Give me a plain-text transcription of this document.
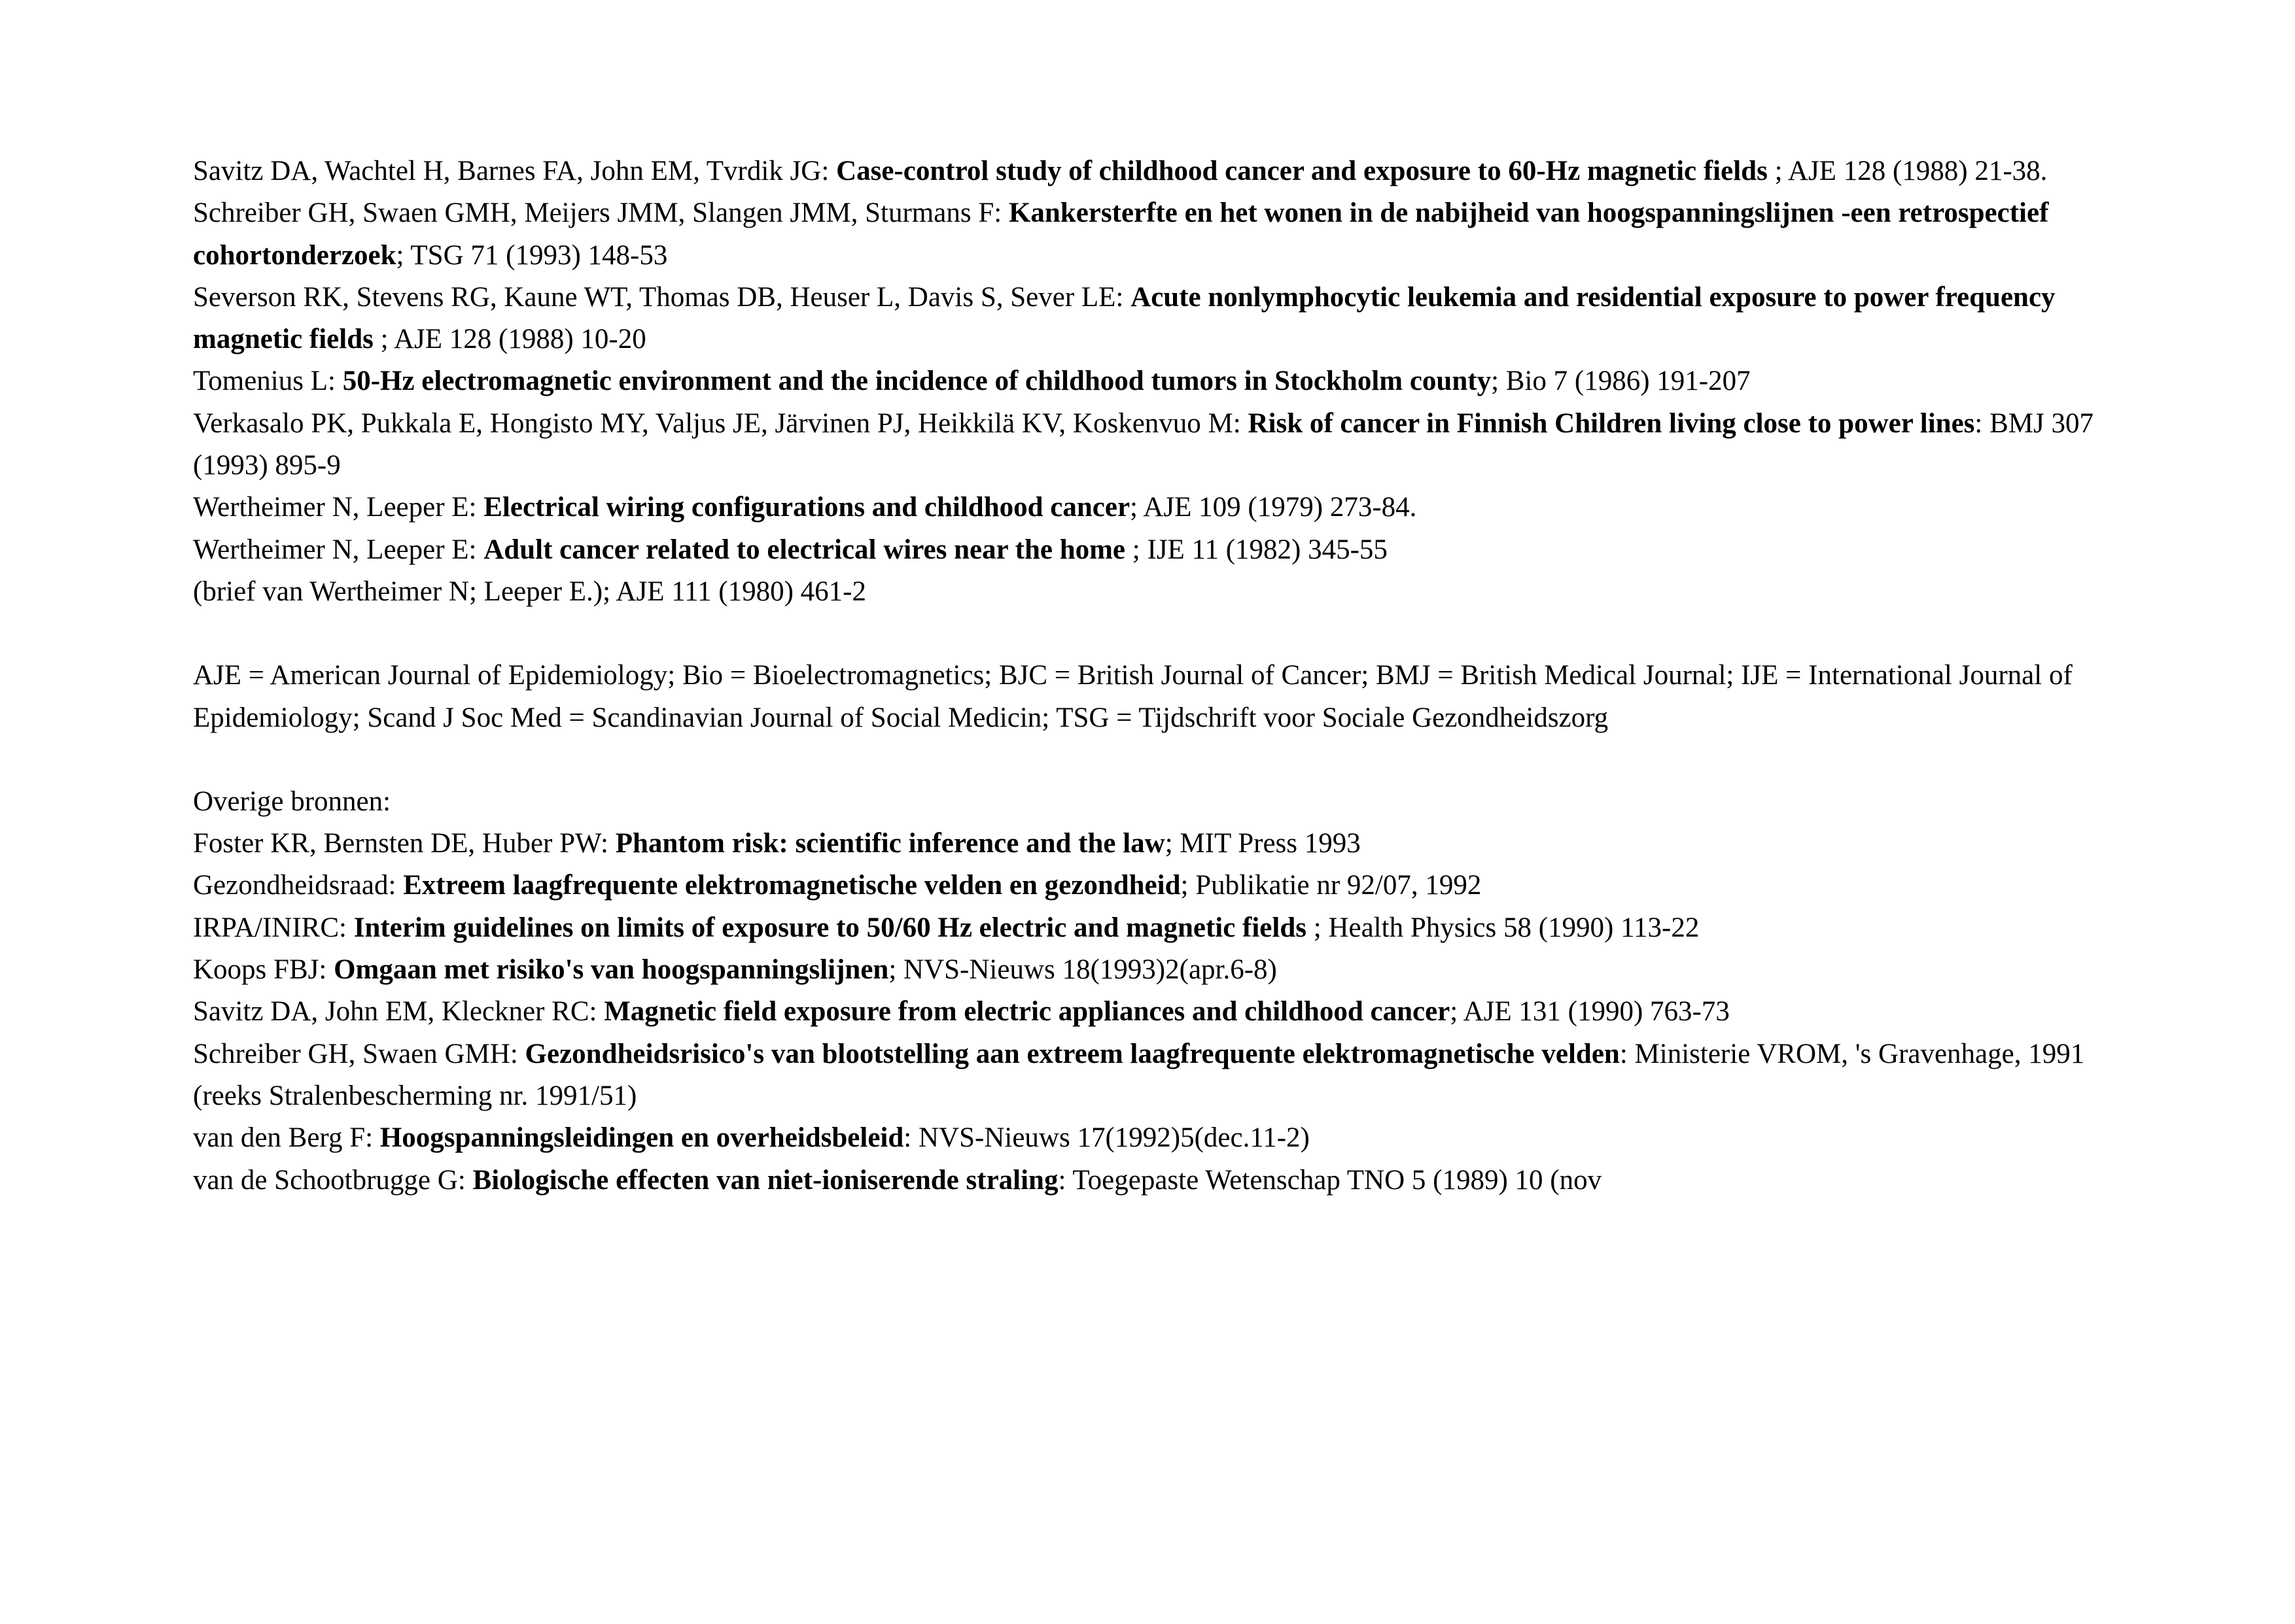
Savitz DA, Wachtel H, Barnes FA, John EM, Tvrdik JG: Case-control study of childhood cancer and exposure to 60-Hz magnetic fields ; AJE 128 (1988) 21-38.

Schreiber GH, Swaen GMH, Meijers JMM, Slangen JMM, Sturmans F: Kankersterfte en het wonen in de nabijheid van hoogspanningslijnen -een retrospectief cohortonderzoek; TSG 71 (1993) 148-53

Severson RK, Stevens RG, Kaune WT, Thomas DB, Heuser L, Davis S, Sever LE: Acute nonlymphocytic leukemia and residential exposure to power frequency magnetic fields ; AJE 128 (1988) 10-20

Tomenius L: 50-Hz electromagnetic environment and the incidence of childhood tumors in Stockholm county; Bio 7 (1986) 191-207

Verkasalo PK, Pukkala E, Hongisto MY, Valjus JE, Järvinen PJ, Heikkilä KV, Koskenvuo M: Risk of cancer in Finnish Children living close to power lines: BMJ 307 (1993) 895-9

Wertheimer N, Leeper E: Electrical wiring configurations and childhood cancer; AJE 109 (1979) 273-84.

Wertheimer N, Leeper E: Adult cancer related to electrical wires near the home ; IJE 11 (1982) 345-55

(brief van Wertheimer N; Leeper E.); AJE 111 (1980) 461-2

AJE = American Journal of Epidemiology; Bio = Bioelectromagnetics; BJC = British Journal of Cancer; BMJ = British Medical Journal; IJE = International Journal of Epidemiology; Scand J Soc Med = Scandinavian Journal of Social Medicin; TSG = Tijdschrift voor Sociale Gezondheidszorg

Overige bronnen:

Foster KR, Bernsten DE, Huber PW: Phantom risk: scientific inference and the law; MIT Press 1993

Gezondheidsraad: Extreem laagfrequente elektromagnetische velden en gezondheid; Publikatie nr 92/07, 1992

IRPA/INIRC: Interim guidelines on limits of exposure to 50/60 Hz electric and magnetic fields ; Health Physics 58 (1990) 113-22

Koops FBJ: Omgaan met risiko's van hoogspanningslijnen; NVS-Nieuws 18(1993)2(apr.6-8)

Savitz DA, John EM, Kleckner RC: Magnetic field exposure from electric appliances and childhood cancer; AJE 131 (1990) 763-73

Schreiber GH, Swaen GMH: Gezondheidsrisico's van blootstelling aan extreem laagfrequente elektromagnetische velden: Ministerie VROM, 's Gravenhage, 1991 (reeks Stralenbescherming nr. 1991/51)

van den Berg F: Hoogspanningsleidingen en overheidsbeleid: NVS-Nieuws 17(1992)5(dec.11-2)

van de Schootbrugge G: Biologische effecten van niet-ioniserende straling: Toegepaste Wetenschap TNO 5 (1989) 10 (nov
